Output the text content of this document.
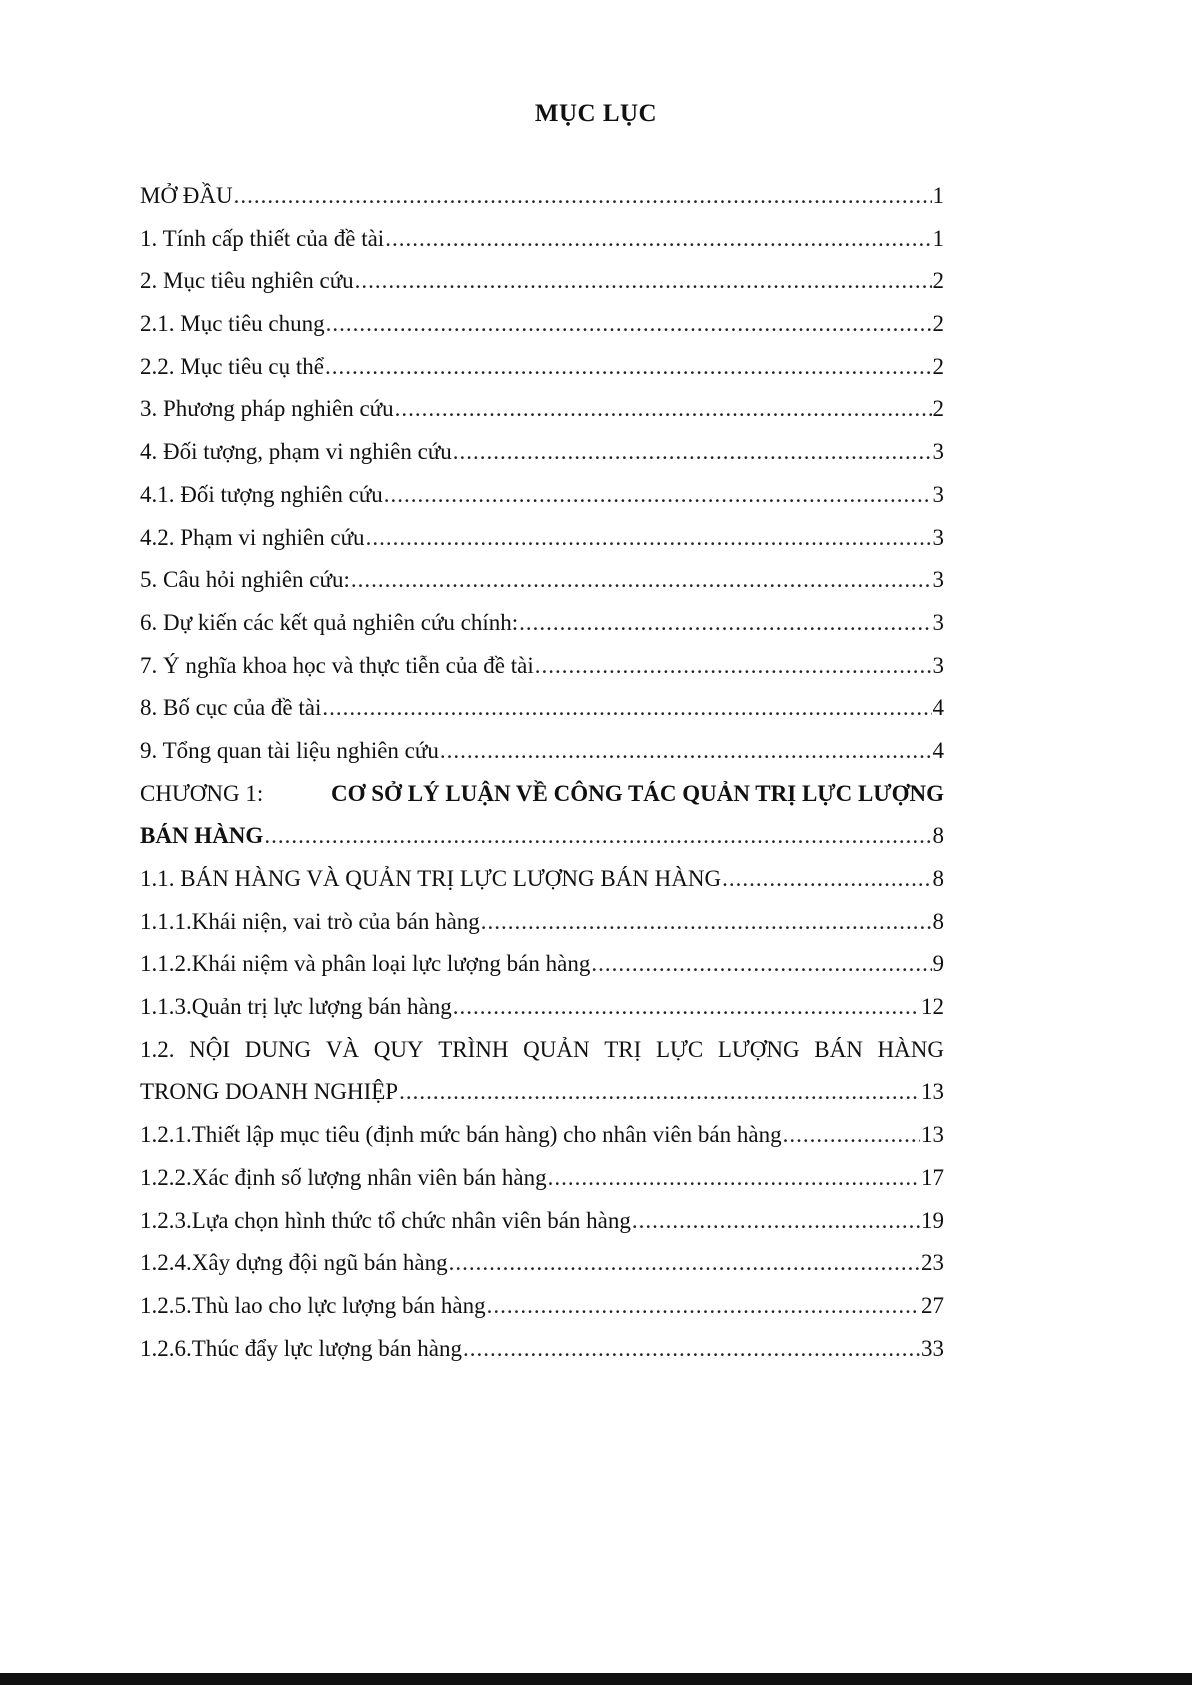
MỤC LỤC
MỞ ĐẦU .....	1
1. Tính cấp thiết của đề tài .....	1
2. Mục tiêu nghiên cứu .....	2
2.1. Mục tiêu chung .....	2
2.2. Mục tiêu cụ thể .....	2
3. Phương pháp nghiên cứu .....	2
4. Đối tượng, phạm vi nghiên cứu .....	3
4.1. Đối tượng nghiên cứu .....	3
4.2. Phạm vi nghiên cứu .....	3
5. Câu hỏi nghiên cứu: .....	3
6. Dự kiến các kết quả nghiên cứu chính: .....	3
7. Ý nghĩa khoa học và thực tiễn của đề tài .....	3
8. Bố cục của đề tài .....	4
9. Tổng quan tài liệu nghiên cứu .....	4
CHƯƠNG 1:	CƠ SỞ LÝ LUẬN VỀ CÔNG TÁC QUẢN TRỊ LỰC LƯỢNG
BÁN HÀNG .....	8
1.1. BÁN HÀNG VÀ QUẢN TRỊ LỰC LƯỢNG BÁN HÀNG .....	8
1.1.1.Khái niện, vai trò của bán hàng .....	8
1.1.2.Khái niệm và phân loại lực lượng bán hàng .....	9
1.1.3.Quản trị lực lượng bán hàng .....	12
1.2. NỘI DUNG VÀ QUY TRÌNH QUẢN TRỊ LỰC LƯỢNG BÁN HÀNG
TRONG DOANH NGHIỆP .....	13
1.2.1.Thiết lập mục tiêu (định mức bán hàng) cho nhân viên bán hàng .....	13
1.2.2.Xác định số lượng nhân viên bán hàng .....	17
1.2.3.Lựa chọn hình thức tổ chức nhân viên bán hàng .....	19
1.2.4.Xây dựng đội ngũ bán hàng .....	23
1.2.5.Thù lao cho lực lượng bán hàng .....	27
1.2.6.Thúc đẩy lực lượng bán hàng .....	33
